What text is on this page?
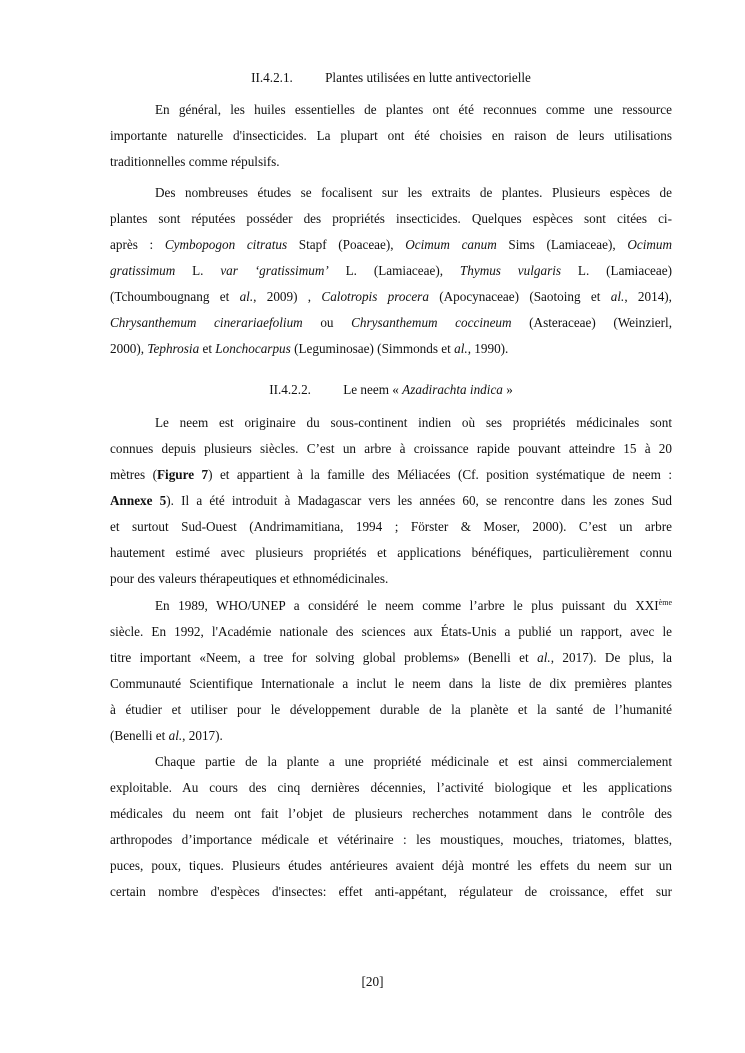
II.4.2.1. Plantes utilisées en lutte antivectorielle
En général, les huiles essentielles de plantes ont été reconnues comme une ressource
importante naturelle d'insecticides. La plupart ont été choisies en raison de leurs utilisations
traditionnelles comme répulsifs.
Des nombreuses études se focalisent sur les extraits de plantes. Plusieurs espèces de
plantes sont réputées posséder des propriétés insecticides. Quelques espèces sont citées ci-
après : Cymbopogon citratus Stapf (Poaceae), Ocimum canum Sims (Lamiaceae), Ocimum
gratissimum L. var ‘gratissimum’ L. (Lamiaceae), Thymus vulgaris L. (Lamiaceae)
(Tchoumbougnang et al., 2009) , Calotropis procera (Apocynaceae) (Saotoing et al., 2014),
Chrysanthemum cinerariaefolium ou Chrysanthemum coccineum (Asteraceae) (Weinzierl,
2000), Tephrosia et Lonchocarpus (Leguminosae) (Simmonds et al., 1990).
II.4.2.2. Le neem « Azadirachta indica »
Le neem est originaire du sous-continent indien où ses propriétés médicinales sont
connues depuis plusieurs siècles. C’est un arbre à croissance rapide pouvant atteindre 15 à 20
mètres (Figure 7) et appartient à la famille des Méliacées (Cf. position systématique de neem :
Annexe 5). Il a été introduit à Madagascar vers les années 60, se rencontre dans les zones Sud
et surtout Sud-Ouest (Andrimamitiana, 1994 ; Förster & Moser, 2000). C’est un arbre
hautement estimé avec plusieurs propriétés et applications bénéfiques, particulièrement connu
pour des valeurs thérapeutiques et ethnomédicinales.
En 1989, WHO/UNEP a considéré le neem comme l’arbre le plus puissant du XXIème
siècle. En 1992, l'Académie nationale des sciences aux États-Unis a publié un rapport, avec le
titre important «Neem, a tree for solving global problems» (Benelli et al., 2017). De plus, la
Communauté Scientifique Internationale a inclut le neem dans la liste de dix premières plantes
à étudier et utiliser pour le développement durable de la planète et la santé de l’humanité
(Benelli et al., 2017).
Chaque partie de la plante a une propriété médicinale et est ainsi commercialement
exploitable. Au cours des cinq dernières décennies, l’activité biologique et les applications
médicales du neem ont fait l’objet de plusieurs recherches notamment dans le contrôle des
arthropodes d’importance médicale et vétérinaire : les moustiques, mouches, triatomes, blattes,
puces, poux, tiques. Plusieurs études antérieures avaient déjà montré les effets du neem sur un
certain nombre d'espèces d'insectes: effet anti-appétant, régulateur de croissance, effet sur
[20]
